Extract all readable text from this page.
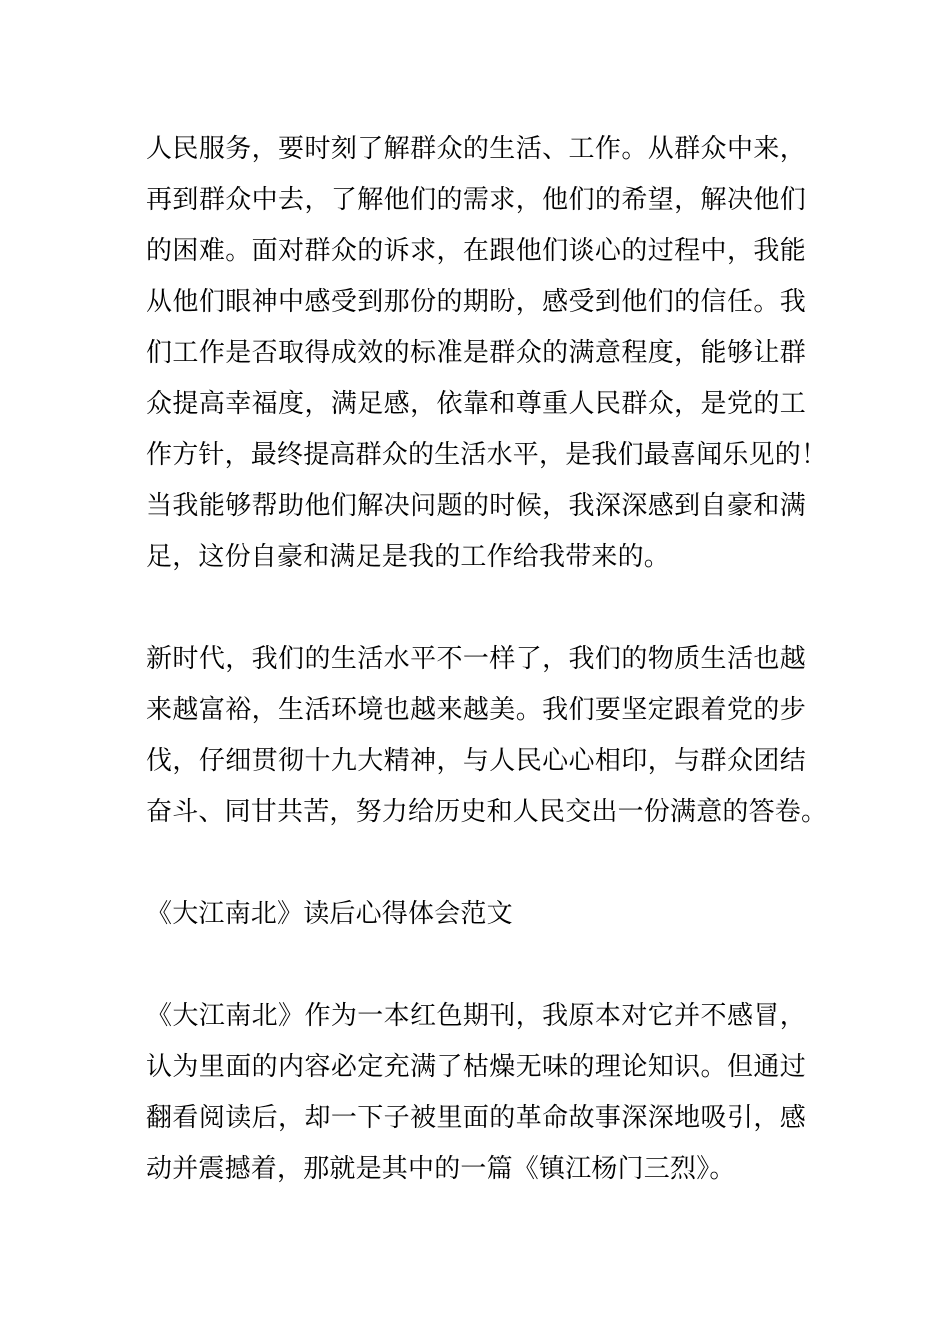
人民服务，要时刻了解群众的生活、工作。从群众中来，
再到群众中去，了解他们的需求，他们的希望，解决他们
的困难。面对群众的诉求，在跟他们谈心的过程中，我能
从他们眼神中感受到那份的期盼，感受到他们的信任。我
们工作是否取得成效的标准是群众的满意程度，能够让群
众提高幸福度，满足感，依靠和尊重人民群众，是党的工
作方针，最终提高群众的生活水平，是我们最喜闻乐见的！
当我能够帮助他们解决问题的时候，我深深感到自豪和满
足，这份自豪和满足是我的工作给我带来的。

新时代，我们的生活水平不一样了，我们的物质生活也越
来越富裕，生活环境也越来越美。我们要坚定跟着党的步
伐，仔细贯彻十九大精神，与人民心心相印，与群众团结
奋斗、同甘共苦，努力给历史和人民交出一份满意的答卷。

《大江南北》读后心得体会范文

《大江南北》作为一本红色期刊，我原本对它并不感冒，
认为里面的内容必定充满了枯燥无味的理论知识。但通过
翻看阅读后，却一下子被里面的革命故事深深地吸引，感
动并震撼着，那就是其中的一篇《镇江杨门三烈》。
